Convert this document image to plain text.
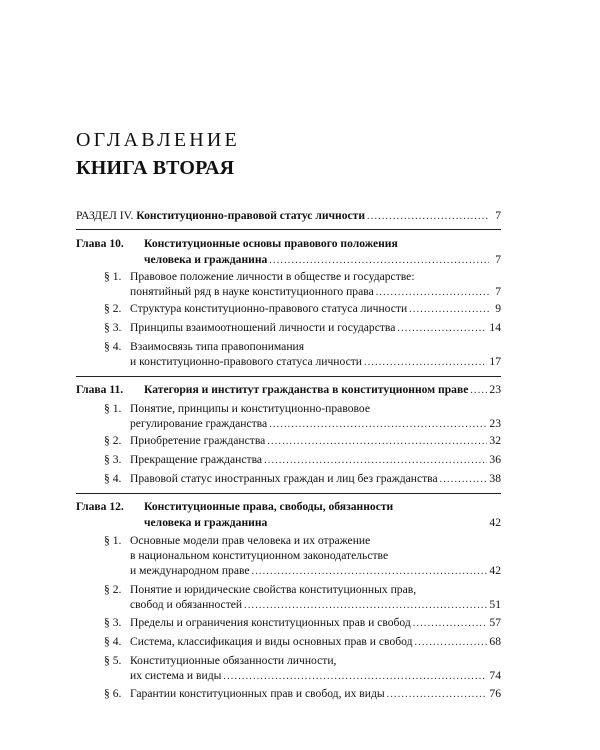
ОГЛАВЛЕНИЕ
КНИГА ВТОРАЯ
РАЗДЕЛ IV. Конституционно-правовой статус личности .....	7
Глава 10. Конституционные основы правового положения
человека и гражданина .....	7
§ 1. Правовое положение личности в обществе и государстве:
понятийный ряд в науке конституционного права .....	7
§ 2. Структура конституционно-правового статуса личности .....	9
§ 3. Принципы взаимоотношений личности и государства .....	14
§ 4. Взаимосвязь типа правопонимания
и конституционно-правового статуса личности .....	17
Глава 11. Категория и институт гражданства в конституционном праве ..... 23
§ 1. Понятие, принципы и конституционно-правовое
регулирование гражданства .....	23
§ 2. Приобретение гражданства .....	32
§ 3. Прекращение гражданства .....	36
§ 4. Правовой статус иностранных граждан и лиц без гражданства .....	38
Глава 12. Конституционные права, свободы, обязанности
человека и гражданина	42
§ 1. Основные модели прав человека и их отражение
в национальном конституционном законодательстве
и международном праве .....	42
§ 2. Понятие и юридические свойства конституционных прав,
свобод и обязанностей .....	51
§ 3. Пределы и ограничения конституционных прав и свобод .....	57
§ 4. Система, классификация и виды основных прав и свобод .....	68
§ 5. Конституционные обязанности личности,
их система и виды .....	74
§ 6. Гарантии конституционных прав и свобод, их виды .....	76
